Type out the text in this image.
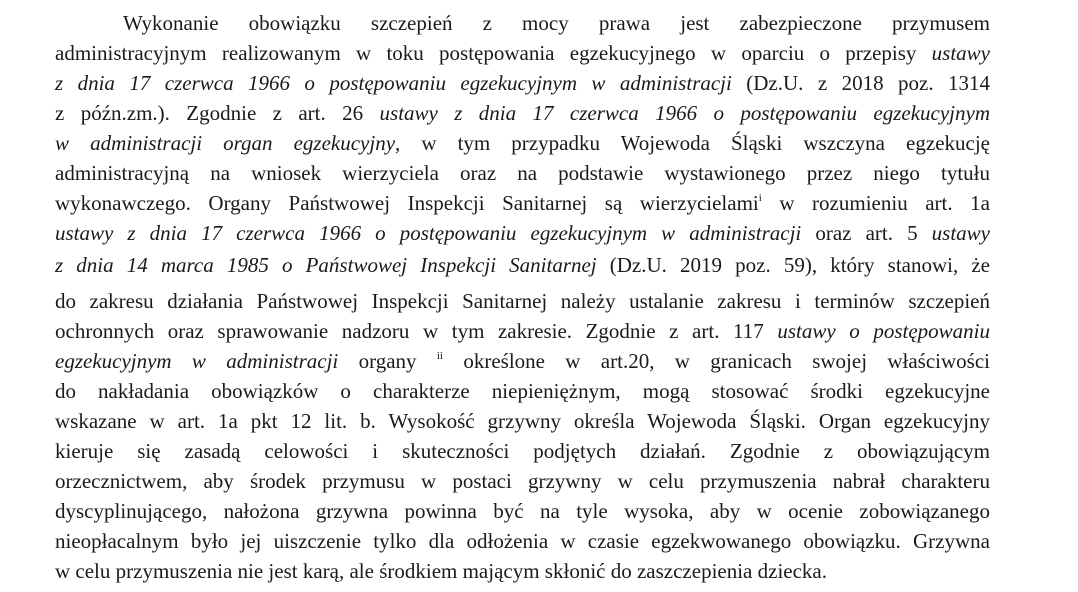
Wykonanie obowiązku szczepień z mocy prawa jest zabezpieczone przymusem
administracyjnym realizowanym w toku postępowania egzekucyjnego w oparciu o przepisy ustawy
z dnia 17 czerwca 1966 o postępowaniu egzekucyjnym w administracji (Dz.U. z 2018 poz. 1314
z późn.zm.). Zgodnie z art. 26 ustawy z dnia 17 czerwca 1966 o postępowaniu egzekucyjnym
w administracji organ egzekucyjny, w tym przypadku Wojewoda Śląski wszczyna egzekucję
administracyjną na wniosek wierzyciela oraz na podstawie wystawionego przez niego tytułu
wykonawczego. Organy Państwowej Inspekcji Sanitarnej są wierzycielami$^i$ w rozumieniu art. 1a
ustawy z dnia 17 czerwca 1966 o postępowaniu egzekucyjnym w administracji oraz art. 5 ustawy
z dnia 14 marca 1985 o Państwowej Inspekcji Sanitarnej (Dz.U. 2019 poz. 59), który stanowi, że
do zakresu działania Państwowej Inspekcji Sanitarnej należy ustalanie zakresu i terminów szczepień
ochronnych oraz sprawowanie nadzoru w tym zakresie. Zgodnie z art. 117 ustawy o postępowaniu
egzekucyjnym w administracji organy $^{ii}$ określone w art.20, w granicach swojej właściwości
do nakładania obowiązków o charakterze niepieniężnym, mogą stosować środki egzekucyjne
wskazane w art. 1a pkt 12 lit. b. Wysokość grzywny określa Wojewoda Śląski. Organ egzekucyjny
kieruje się zasadą celowości i skuteczności podjętych działań. Zgodnie z obowiązującym
orzecznictwem, aby środek przymusu w postaci grzywny w celu przymuszenia nabrał charakteru
dyscyplinującego, nałożona grzywna powinna być na tyle wysoka, aby w ocenie zobowiązanego
nieopłacalnym było jej uiszczenie tylko dla odłożenia w czasie egzekwowanego obowiązku. Grzywna
w celu przymuszenia nie jest karą, ale środkiem mającym skłonić do zaszczepienia dziecka.
